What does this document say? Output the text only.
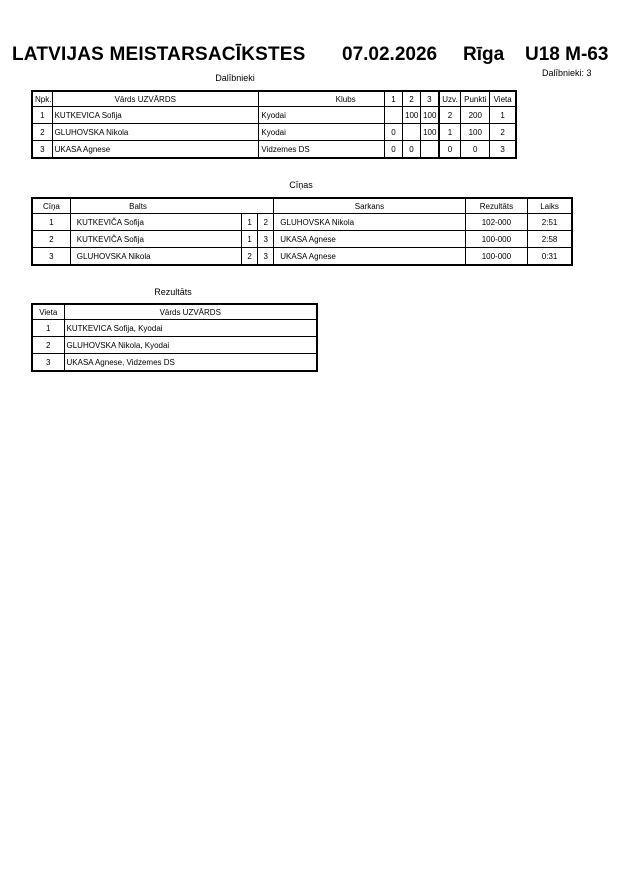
LATVIJAS MEISTARSACĪKSTES 07.02.2026 Rīga U18 M-63
Dalībnieki: 3
Dalībnieki
Npk.	Vārds UZVĀRDS	Klubs	1	2	3	Uzv.	Punkti	Vieta
1	KUTKEVICA Sofija	Kyodai		100	100	2	200	1
2	GLUHOVSKA Nikola	Kyodai	0		100	1	100	2
3	UKASA Agnese	Vidzemes DS	0	0		0	0	3
Cīņas
Cīņa	Balts			Sarkans	Rezultāts	Laiks
1	KUTKEVIČA Sofija	1	2	GLUHOVSKA Nikola	102-000	2:51
2	KUTKEVIČA Sofija	1	3	UKASA Agnese	100-000	2:58
3	GLUHOVSKA Nikola	2	3	UKASA Agnese	100-000	0:31
Rezultāts
Vieta	Vārds UZVĀRDS
1	KUTKEVICA Sofija, Kyodai
2	GLUHOVSKA Nikola, Kyodai
3	UKASA Agnese, Vidzemes DS
